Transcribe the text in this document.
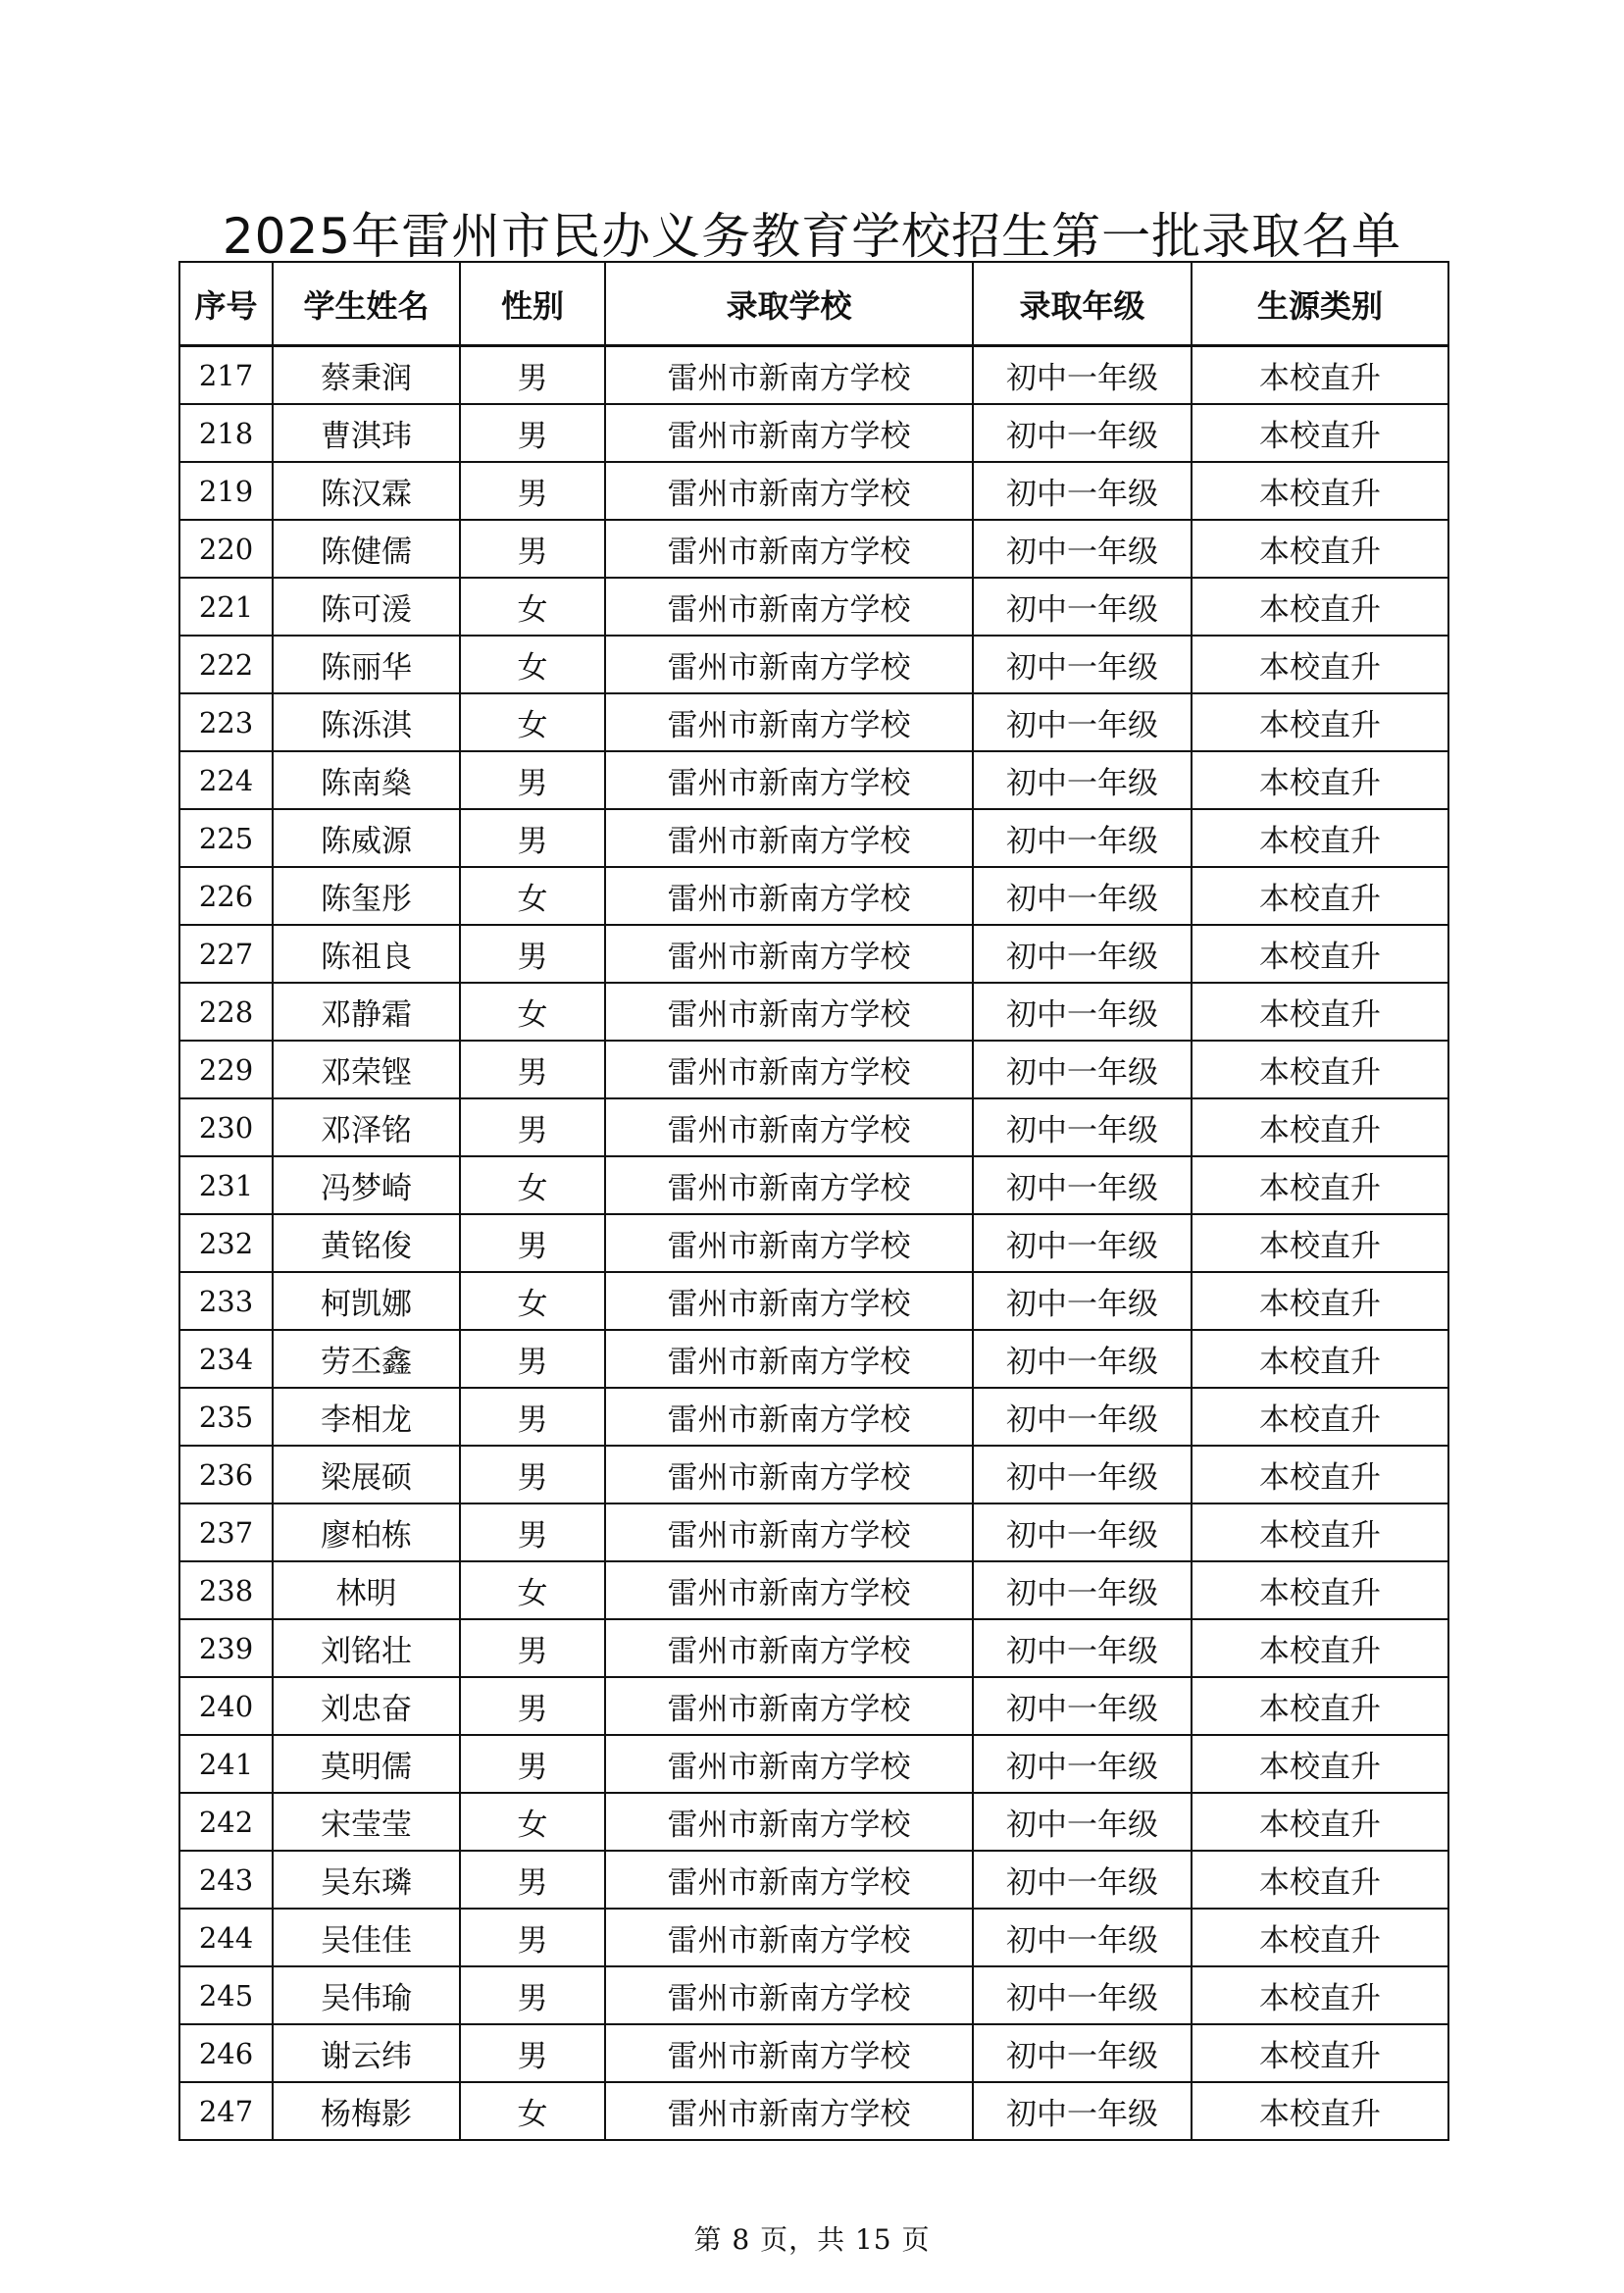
2025年雷州市民办义务教育学校招生第一批录取名单
序号	学生姓名	性别	录取学校	录取年级	生源类别
217	蔡秉润	男	雷州市新南方学校	初中一年级	本校直升
218	曹淇玮	男	雷州市新南方学校	初中一年级	本校直升
219	陈汉霖	男	雷州市新南方学校	初中一年级	本校直升
220	陈健儒	男	雷州市新南方学校	初中一年级	本校直升
221	陈可湲	女	雷州市新南方学校	初中一年级	本校直升
222	陈丽华	女	雷州市新南方学校	初中一年级	本校直升
223	陈泺淇	女	雷州市新南方学校	初中一年级	本校直升
224	陈南燊	男	雷州市新南方学校	初中一年级	本校直升
225	陈威源	男	雷州市新南方学校	初中一年级	本校直升
226	陈玺彤	女	雷州市新南方学校	初中一年级	本校直升
227	陈祖良	男	雷州市新南方学校	初中一年级	本校直升
228	邓静霜	女	雷州市新南方学校	初中一年级	本校直升
229	邓荣铿	男	雷州市新南方学校	初中一年级	本校直升
230	邓泽铭	男	雷州市新南方学校	初中一年级	本校直升
231	冯梦崎	女	雷州市新南方学校	初中一年级	本校直升
232	黄铭俊	男	雷州市新南方学校	初中一年级	本校直升
233	柯凯娜	女	雷州市新南方学校	初中一年级	本校直升
234	劳丕鑫	男	雷州市新南方学校	初中一年级	本校直升
235	李相龙	男	雷州市新南方学校	初中一年级	本校直升
236	梁展硕	男	雷州市新南方学校	初中一年级	本校直升
237	廖柏栋	男	雷州市新南方学校	初中一年级	本校直升
238	林明	女	雷州市新南方学校	初中一年级	本校直升
239	刘铭壮	男	雷州市新南方学校	初中一年级	本校直升
240	刘忠奋	男	雷州市新南方学校	初中一年级	本校直升
241	莫明儒	男	雷州市新南方学校	初中一年级	本校直升
242	宋莹莹	女	雷州市新南方学校	初中一年级	本校直升
243	吴东璘	男	雷州市新南方学校	初中一年级	本校直升
244	吴佳佳	男	雷州市新南方学校	初中一年级	本校直升
245	吴伟瑜	男	雷州市新南方学校	初中一年级	本校直升
246	谢云纬	男	雷州市新南方学校	初中一年级	本校直升
247	杨梅影	女	雷州市新南方学校	初中一年级	本校直升
第 8 页，共 15 页
